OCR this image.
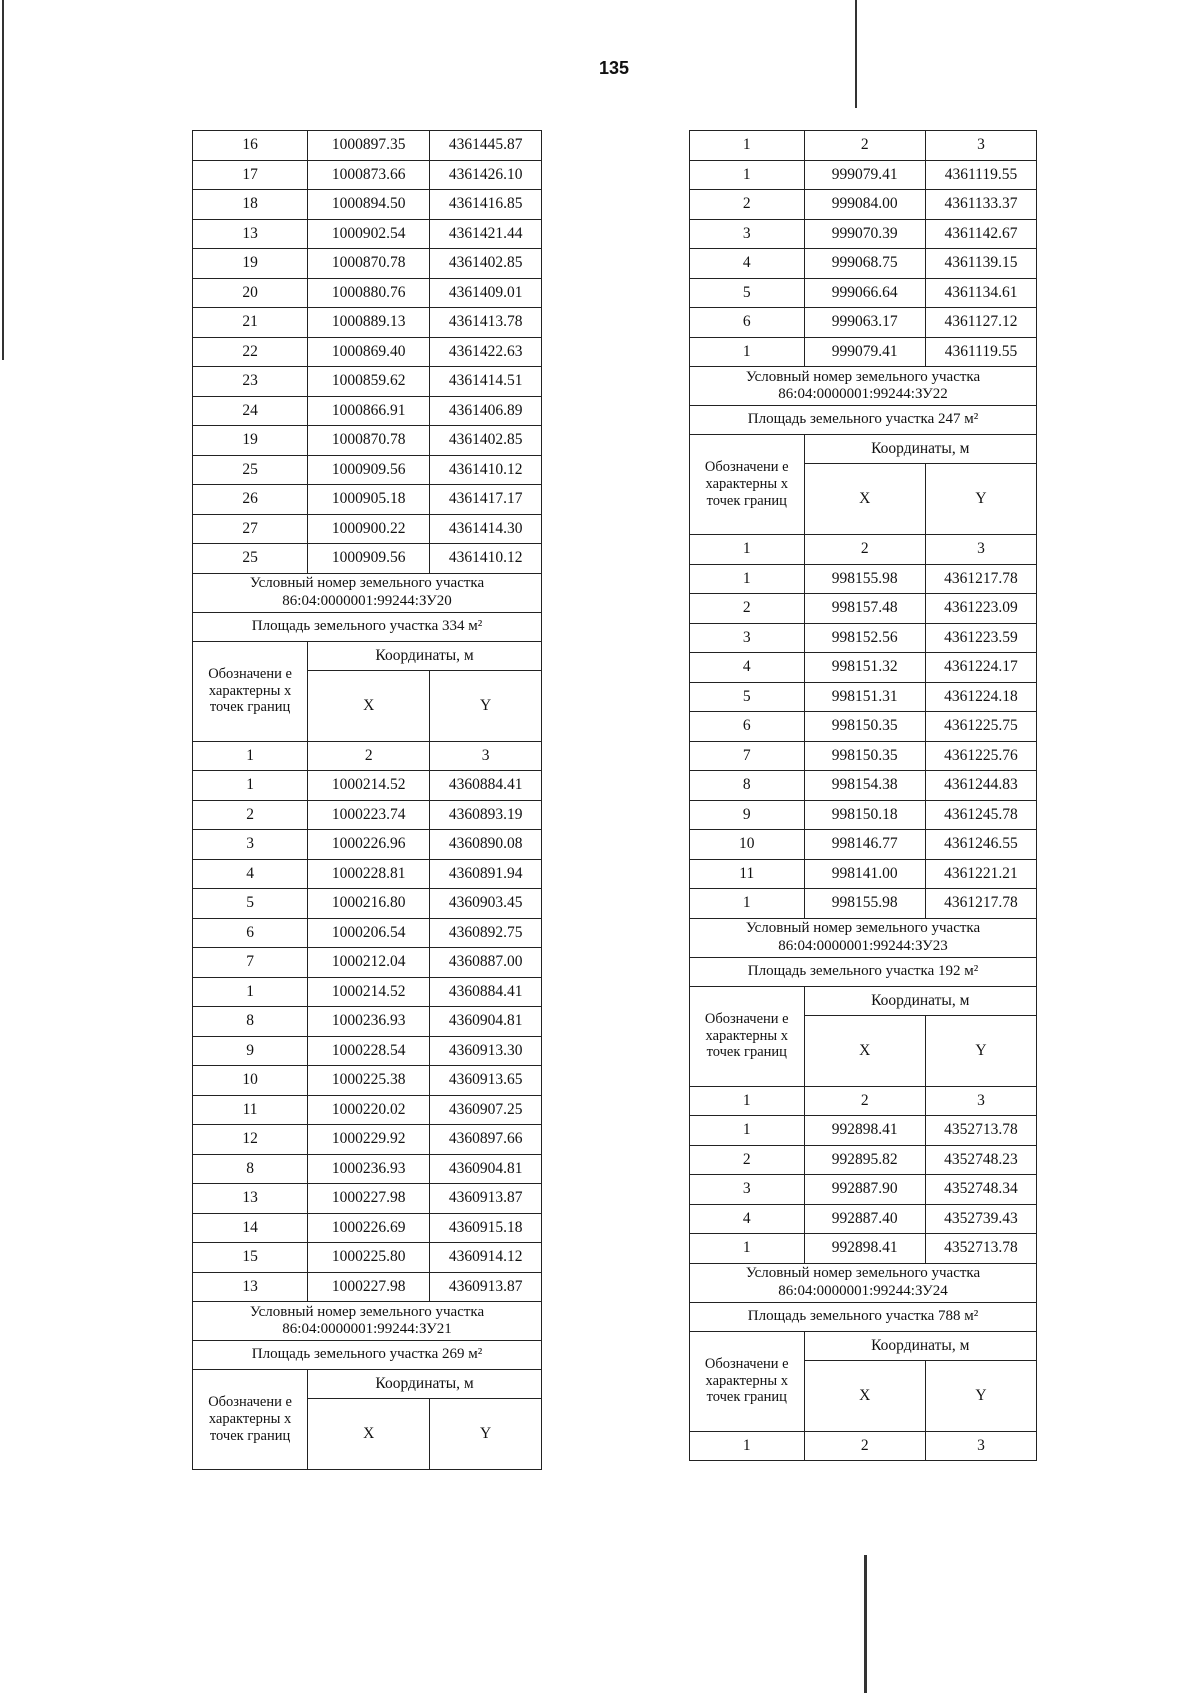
135
16	1000897.35	4361445.87
17	1000873.66	4361426.10
18	1000894.50	4361416.85
13	1000902.54	4361421.44
19	1000870.78	4361402.85
20	1000880.76	4361409.01
21	1000889.13	4361413.78
22	1000869.40	4361422.63
23	1000859.62	4361414.51
24	1000866.91	4361406.89
19	1000870.78	4361402.85
25	1000909.56	4361410.12
26	1000905.18	4361417.17
27	1000900.22	4361414.30
25	1000909.56	4361410.12
Условный номер земельного участка
86:04:0000001:99244:ЗУ20		
Площадь земельного участка 334 м²		
Обозначени е характерны х точек границ	Координаты, м	
	X	Y
1	2	3
1	1000214.52	4360884.41
2	1000223.74	4360893.19
3	1000226.96	4360890.08
4	1000228.81	4360891.94
5	1000216.80	4360903.45
6	1000206.54	4360892.75
7	1000212.04	4360887.00
1	1000214.52	4360884.41
8	1000236.93	4360904.81
9	1000228.54	4360913.30
10	1000225.38	4360913.65
11	1000220.02	4360907.25
12	1000229.92	4360897.66
8	1000236.93	4360904.81
13	1000227.98	4360913.87
14	1000226.69	4360915.18
15	1000225.80	4360914.12
13	1000227.98	4360913.87
Условный номер земельного участка
86:04:0000001:99244:ЗУ21		
Площадь земельного участка 269 м²		
Обозначени е характерны х точек границ	Координаты, м	
	X	Y
1	2	3
1	999079.41	4361119.55
2	999084.00	4361133.37
3	999070.39	4361142.67
4	999068.75	4361139.15
5	999066.64	4361134.61
6	999063.17	4361127.12
1	999079.41	4361119.55
Условный номер земельного участка
86:04:0000001:99244:ЗУ22		
Площадь земельного участка 247 м²		
Обозначени е характерны х точек границ	Координаты, м	
	X	Y
1	2	3
1	998155.98	4361217.78
2	998157.48	4361223.09
3	998152.56	4361223.59
4	998151.32	4361224.17
5	998151.31	4361224.18
6	998150.35	4361225.75
7	998150.35	4361225.76
8	998154.38	4361244.83
9	998150.18	4361245.78
10	998146.77	4361246.55
11	998141.00	4361221.21
1	998155.98	4361217.78
Условный номер земельного участка
86:04:0000001:99244:ЗУ23		
Площадь земельного участка 192 м²		
Обозначени е характерны х точек границ	Координаты, м	
	X	Y
1	2	3
1	992898.41	4352713.78
2	992895.82	4352748.23
3	992887.90	4352748.34
4	992887.40	4352739.43
1	992898.41	4352713.78
Условный номер земельного участка
86:04:0000001:99244:ЗУ24		
Площадь земельного участка 788 м²		
Обозначени е характерны х точек границ	Координаты, м	
	X	Y
1	2	3
